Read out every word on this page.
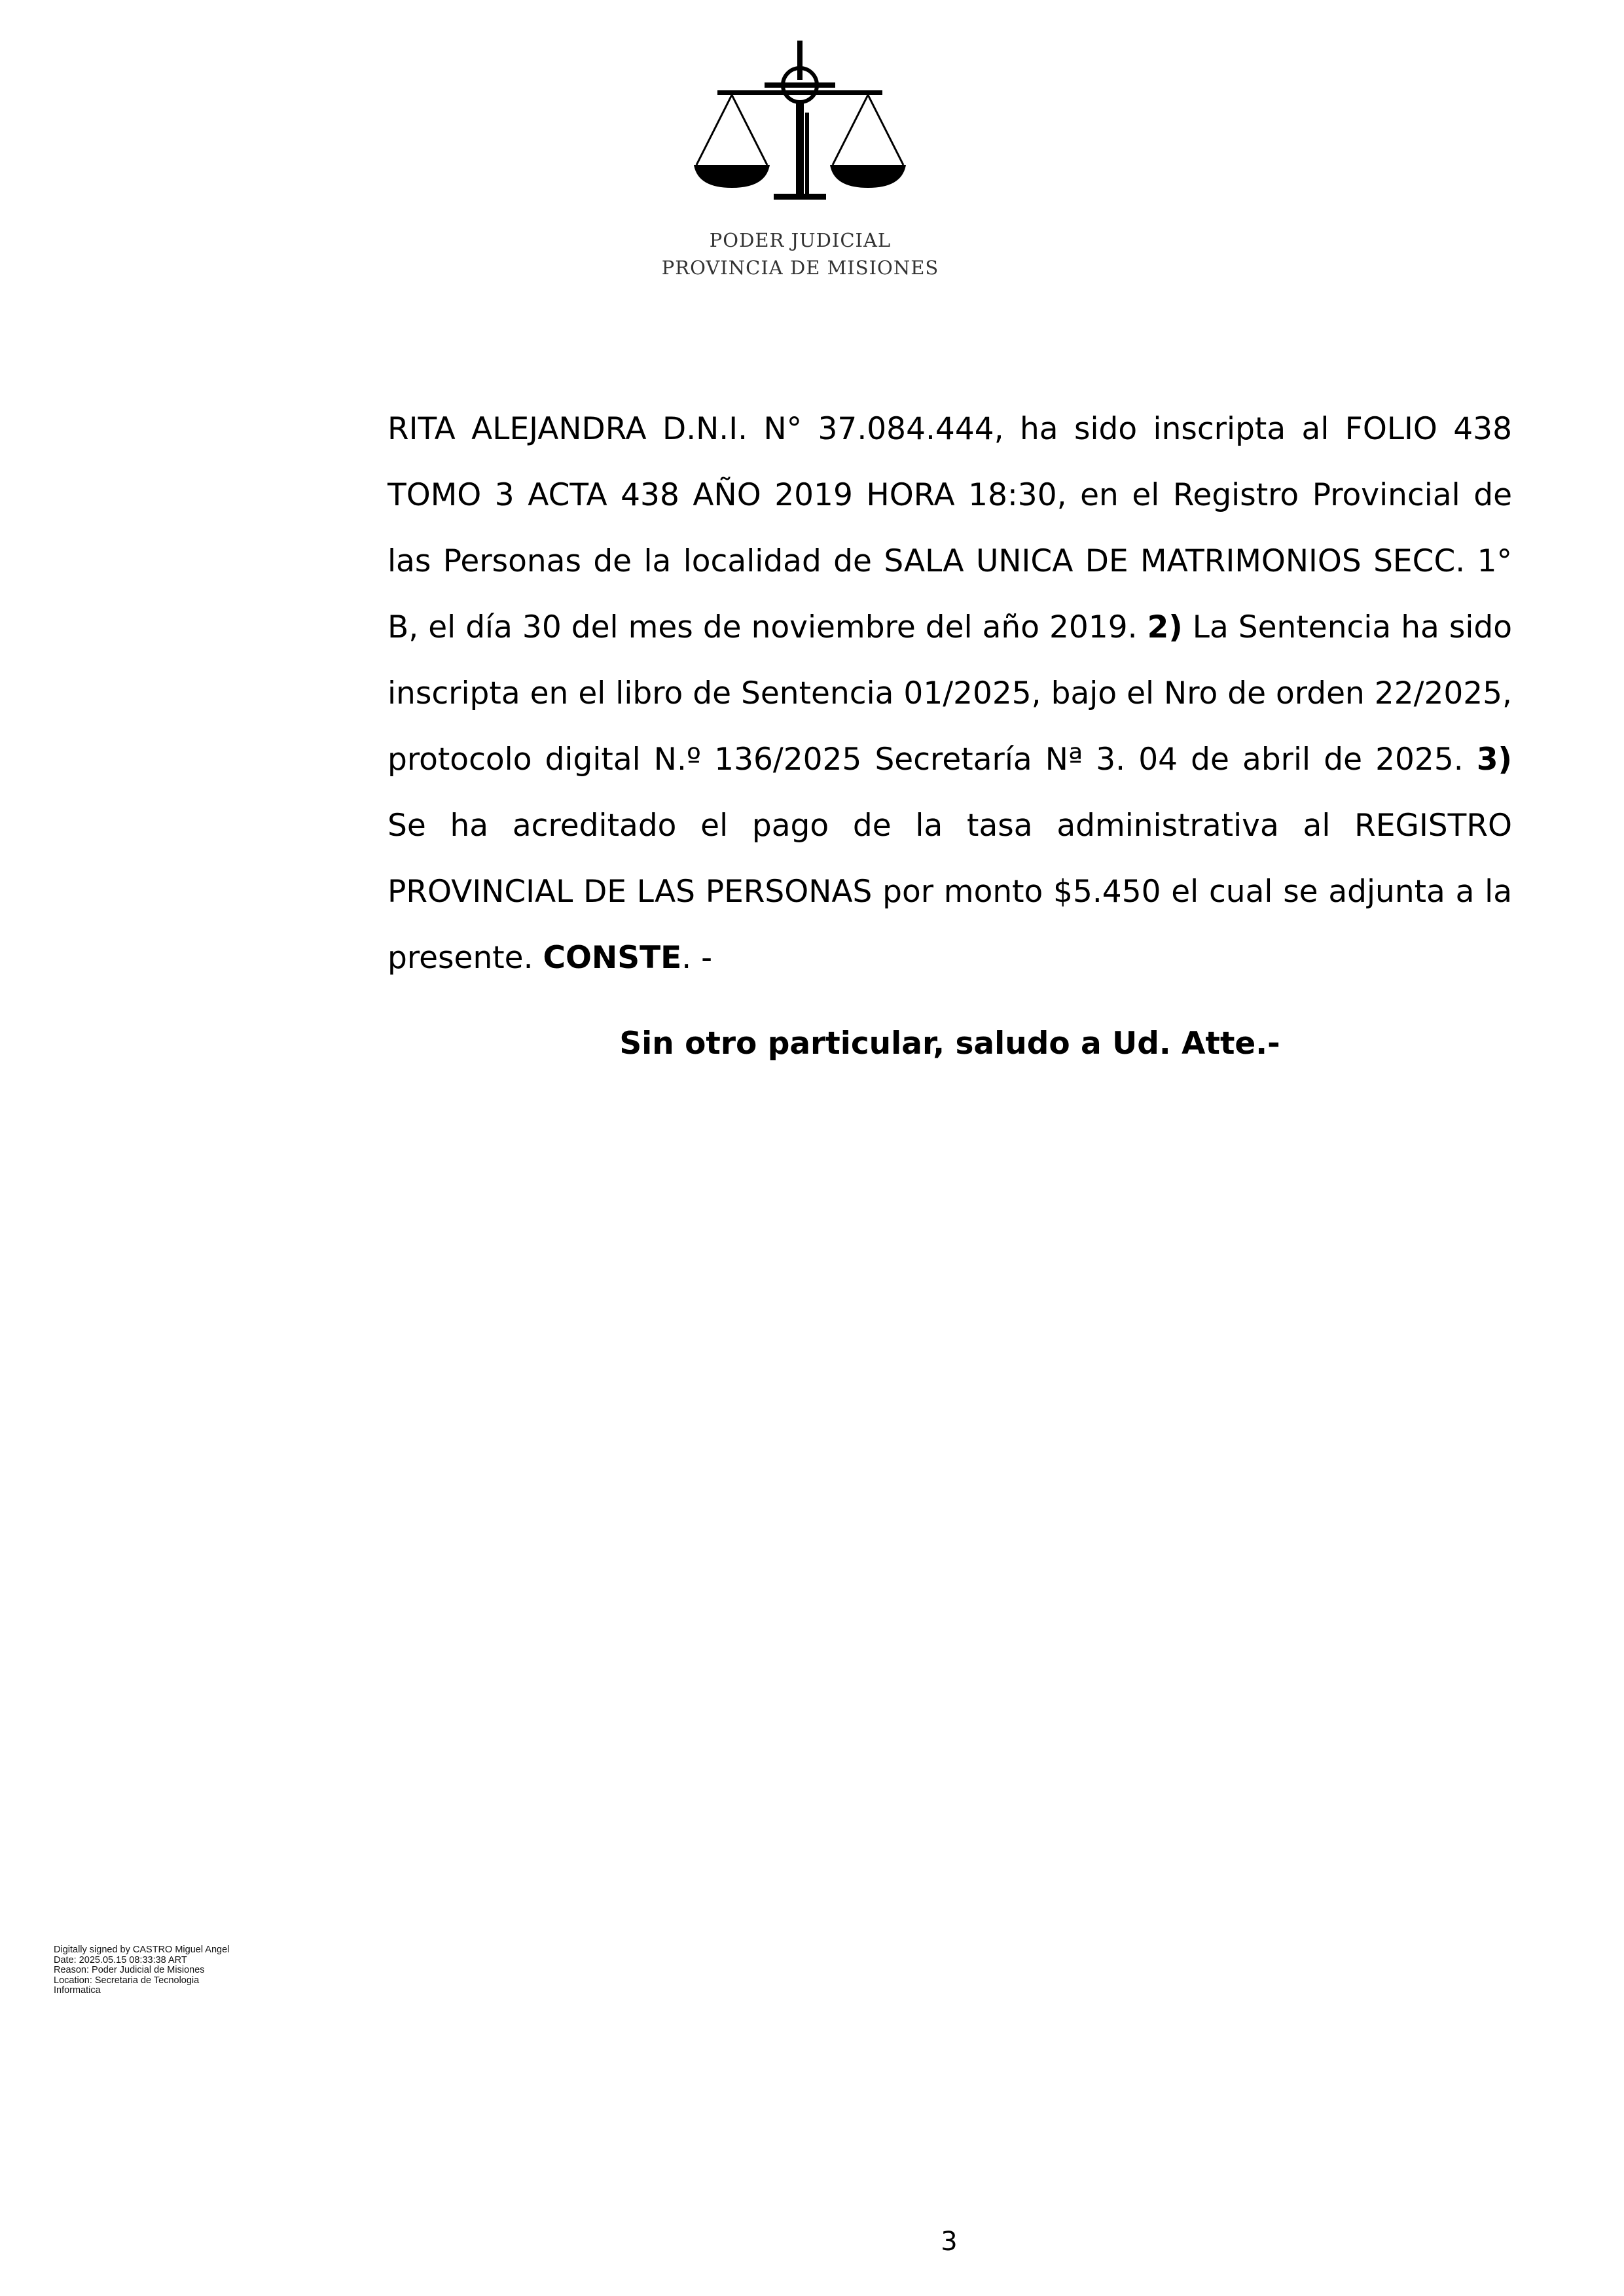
PODER JUDICIAL
PROVINCIA DE MISIONES
RITA ALEJANDRA D.N.I. N° 37.084.444, ha sido inscripta al FOLIO 438 TOMO 3 ACTA 438 AÑO 2019 HORA 18:30, en el Registro Provincial de las Personas de la localidad de SALA UNICA DE MATRIMONIOS SECC. 1° B, el día 30 del mes de noviembre del año 2019. 2) La Sentencia ha sido inscripta en el libro de Sentencia 01/2025, bajo el Nro de orden 22/2025, protocolo digital N.º 136/2025 Secretaría Nª 3. 04 de abril de 2025. 3) Se ha acreditado el pago de la tasa administrativa al REGISTRO PROVINCIAL DE LAS PERSONAS por monto $5.450 el cual se adjunta a la presente. CONSTE. -
Sin otro particular, saludo a Ud. Atte.-
Digitally signed by CASTRO Miguel Angel
Date: 2025.05.15 08:33:38 ART
Reason: Poder Judicial de Misiones
Location: Secretaria de Tecnologia
Informatica
3
